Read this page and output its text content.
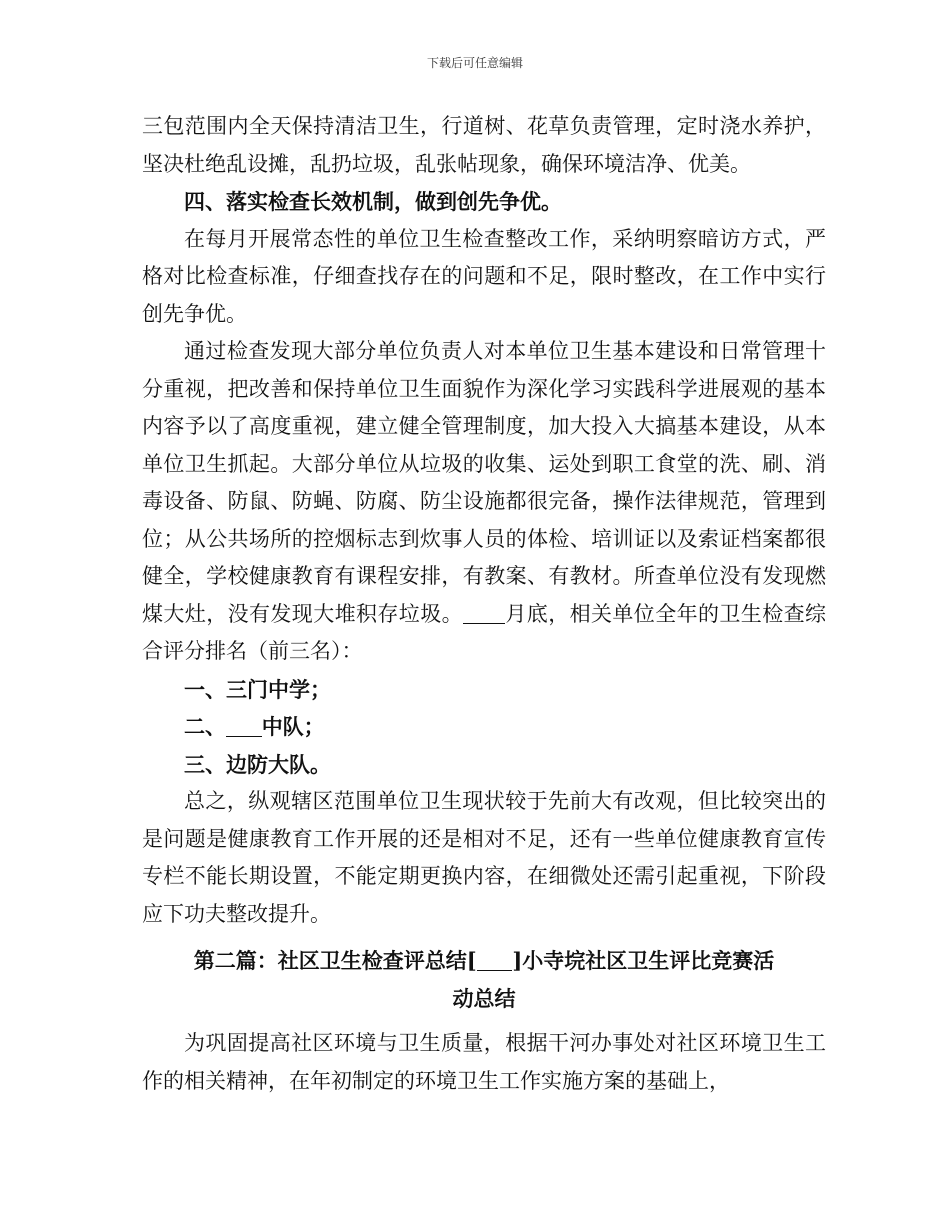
下载后可任意编辑

三包范围内全天保持清洁卫生，行道树、花草负责管理，定时浇水养护，坚决杜绝乱设摊，乱扔垃圾，乱张帖现象，确保环境洁净、优美。

四、落实检查长效机制，做到创先争优。

在每月开展常态性的单位卫生检查整改工作，采纳明察暗访方式，严格对比检查标准，仔细查找存在的问题和不足，限时整改，在工作中实行创先争优。

通过检查发现大部分单位负责人对本单位卫生基本建设和日常管理十分重视，把改善和保持单位卫生面貌作为深化学习实践科学进展观的基本内容予以了高度重视，建立健全管理制度，加大投入大搞基本建设，从本单位卫生抓起。大部分单位从垃圾的收集、运处到职工食堂的洗、刷、消毒设备、防鼠、防蝇、防腐、防尘设施都很完备，操作法律规范，管理到位；从公共场所的控烟标志到炊事人员的体检、培训证以及索证档案都很健全，学校健康教育有课程安排，有教案、有教材。所查单位没有发现燃煤大灶，没有发现大堆积存垃圾。 月底，相关单位全年的卫生检查综合评分排名（前三名）：

一、三门中学；

二、 中队；

三、边防大队。

总之，纵观辖区范围单位卫生现状较于先前大有改观，但比较突出的是问题是健康教育工作开展的还是相对不足，还有一些单位健康教育宣传专栏不能长期设置，不能定期更换内容，在细微处还需引起重视，下阶段应下功夫整改提升。

第二篇：社区卫生检查评总结[ ]小寺垸社区卫生评比竞赛活
动总结

为巩固提高社区环境与卫生质量，根据干河办事处对社区环境卫生工作的相关精神，在年初制定的环境卫生工作实施方案的基础上，
